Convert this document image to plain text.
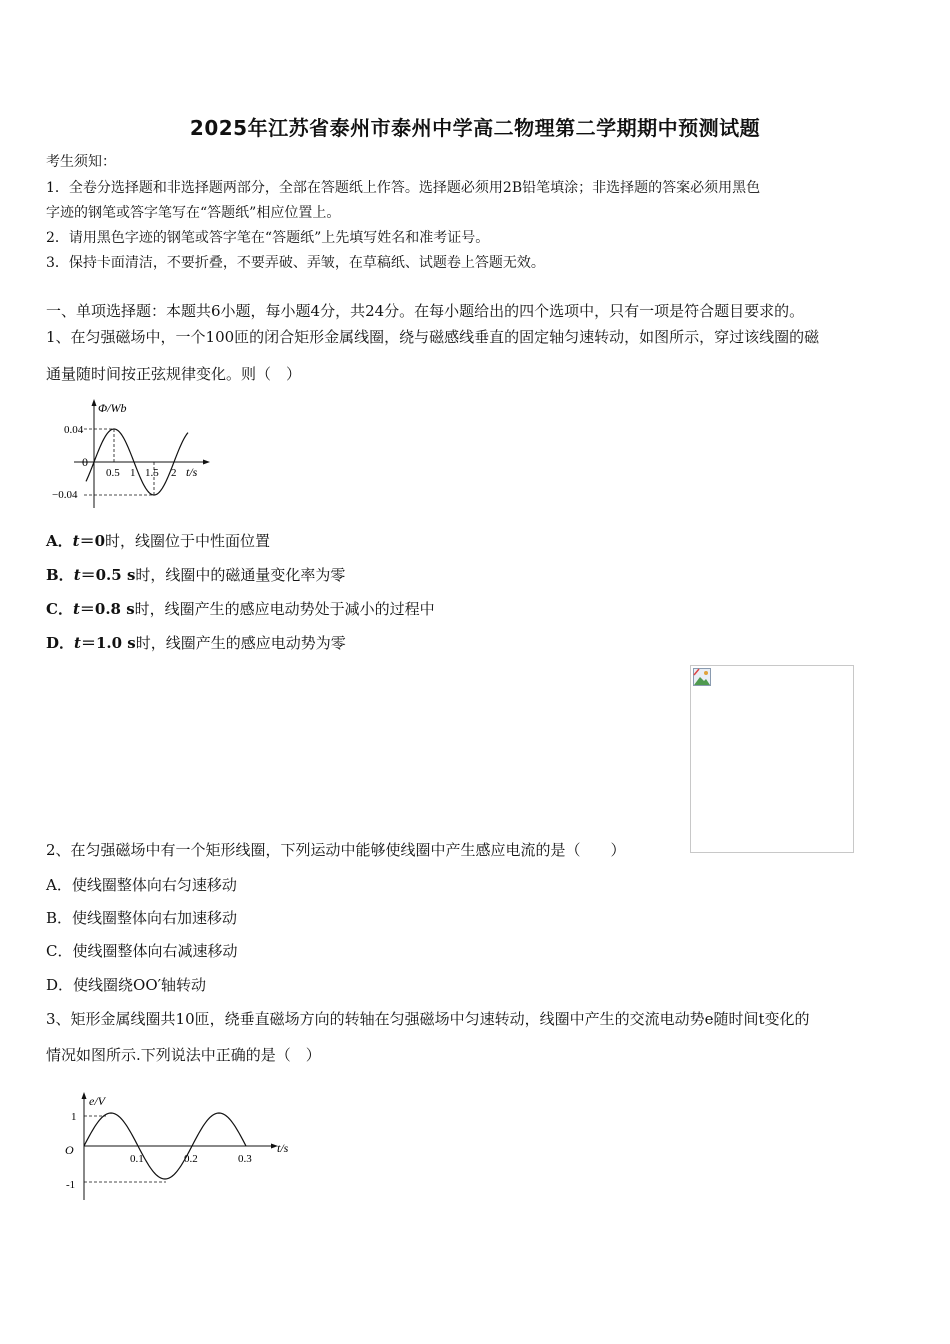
2025年江苏省泰州市泰州中学高二物理第二学期期中预测试题
考生须知：
1．全卷分选择题和非选择题两部分，全部在答题纸上作答。选择题必须用2B铅笔填涂；非选择题的答案必须用黑色
字迹的钢笔或答字笔写在“答题纸”相应位置上。
2．请用黑色字迹的钢笔或答字笔在“答题纸”上先填写姓名和准考证号。
3．保持卡面清洁，不要折叠，不要弄破、弄皱，在草稿纸、试题卷上答题无效。
一、单项选择题：本题共6小题，每小题4分，共24分。在每小题给出的四个选项中，只有一项是符合题目要求的。
1、在匀强磁场中，一个100匝的闭合矩形金属线圈，绕与磁感线垂直的固定轴匀速转动，如图所示，穿过该线圈的磁
通量随时间按正弦规律变化。则（　）
Φ/Wb
t/s
0
0.04
−0.04
0.5 1 1.5 2
A．t＝0时，线圈位于中性面位置
B．t＝0.5 s时，线圈中的磁通量变化率为零
C．t＝0.8 s时，线圈产生的感应电动势处于减小的过程中
D．t＝1.0 s时，线圈产生的感应电动势为零
2、在匀强磁场中有一个矩形线圈，下列运动中能够使线圈中产生感应电流的是（　　）
A．使线圈整体向右匀速移动
B．使线圈整体向右加速移动
C．使线圈整体向右减速移动
D．使线圈绕OO′轴转动
3、矩形金属线圈共10匝，绕垂直磁场方向的转轴在匀强磁场中匀速转动，线圈中产生的交流电动势e随时间t变化的
情况如图所示.下列说法中正确的是（　）
e/V
t/s
O
1
-1
0.1	0.2	0.3
